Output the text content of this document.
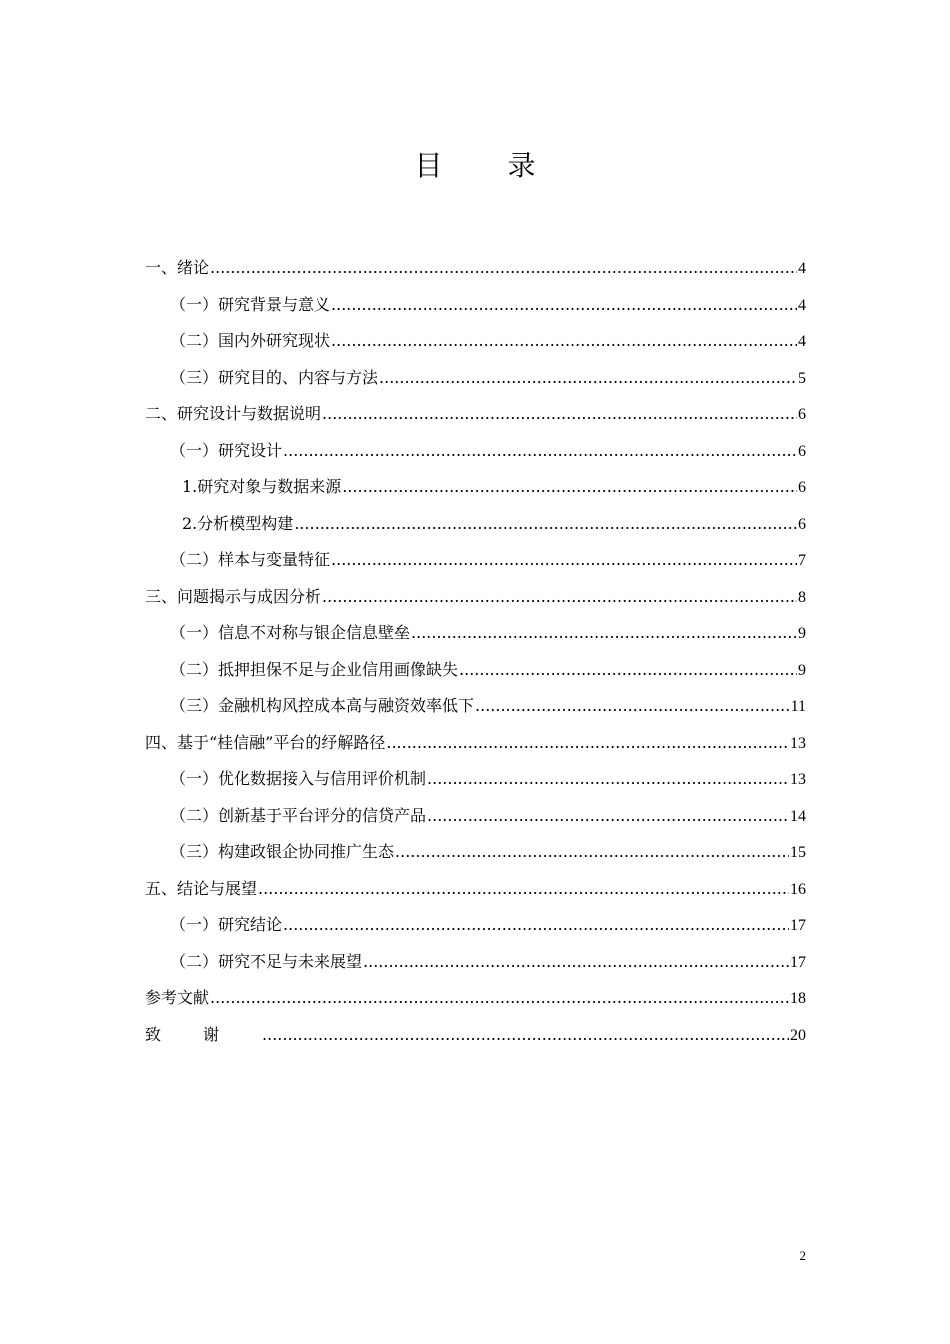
目 录
一、绪论 .....	4
（一）研究背景与意义 .....	4
（二）国内外研究现状 .....	4
（三）研究目的、内容与方法 .....	5
二、研究设计与数据说明 .....	6
（一）研究设计 .....	6
1.研究对象与数据来源 .....	6
2.分析模型构建 .....	6
（二）样本与变量特征 .....	7
三、问题揭示与成因分析 .....	8
（一）信息不对称与银企信息壁垒 .....	9
（二）抵押担保不足与企业信用画像缺失 .....	9
（三）金融机构风控成本高与融资效率低下 .....	11
四、基于“桂信融”平台的纾解路径 .....	13
（一）优化数据接入与信用评价机制 .....	13
（二）创新基于平台评分的信贷产品 .....	14
（三）构建政银企协同推广生态 .....	15
五、结论与展望 .....	16
（一）研究结论 .....	17
（二）研究不足与未来展望 .....	17
参考文献 .....	18
致谢 .....	20
2
